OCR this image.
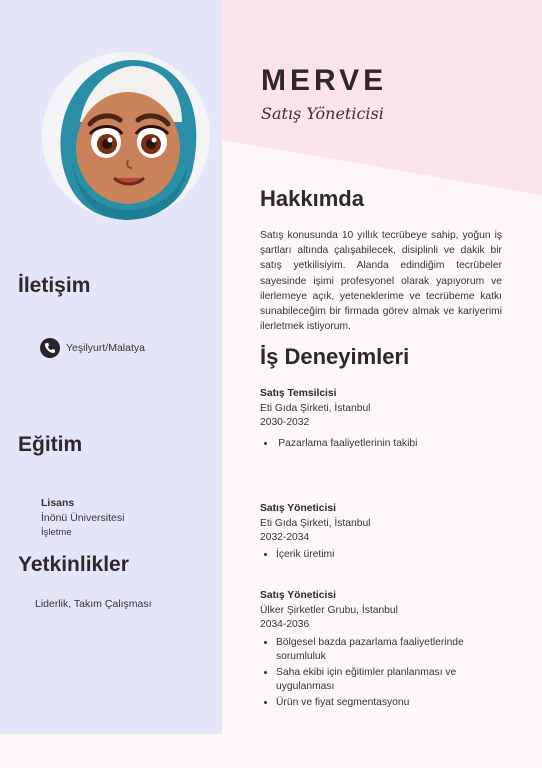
İletişim
Yeşilyurt/Malatya
Eğitim
Lisans
İnönü Üniversitesi
İşletme
Yetkinlikler
Liderlik, Takım Çalışması
MERVE
Satış Yöneticisi
Hakkımda

Satış konusunda 10 yıllık tecrübeye sahip, yoğun iş şartları altında çalışabilecek, disiplinli ve dakik bir satış yetkilisiyim. Alanda edindiğim tecrübeler sayesinde işimi profesyonel olarak yapıyorum ve ilerlemeye açık, yeteneklerime ve tecrübeme katkı sunabileceğim bir firmada görev almak ve kariyerimi ilerletmek istiyorum.

İş Deneyimleri
Satış Temsilcisi
Eti Gıda Şirketi, İstanbul
2030-2032
• Pazarlama faaliyetlerinin takibi
Satış Yöneticisi
Eti Gıda Şirketi, İstanbul
2032-2034
• İçerik üretimi
Satış Yöneticisi
Ülker Şirketler Grubu, İstanbul
2034-2036
• Bölgesel bazda pazarlama faaliyetlerinde sorumluluk
• Saha ekibi için eğitimler planlanması ve uygulanması
• Ürün ve fiyat segmentasyonu
